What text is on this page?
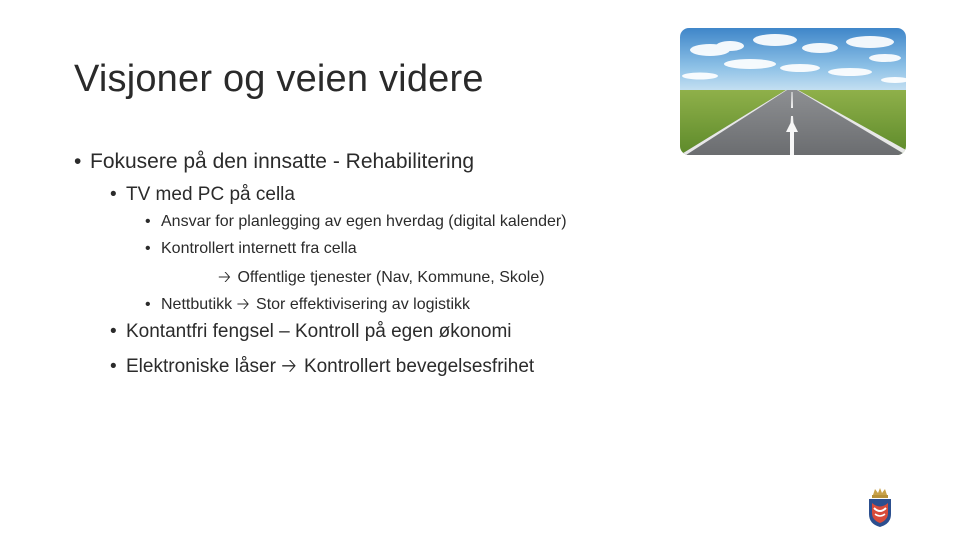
Visjoner og veien videre
• Fokusere på den innsatte - Rehabilitering
• TV med PC på cella
• Ansvar for planlegging av egen hverdag (digital kalender)
• Kontrollert internett fra cella
🡢 Offentlige tjenester (Nav, Kommune, Skole)
• Nettbutikk 🡢 Stor effektivisering av logistikk
• Kontantfri fengsel – Kontroll på egen økonomi
• Elektroniske låser 🡢 Kontrollert bevegelsesfrihet
